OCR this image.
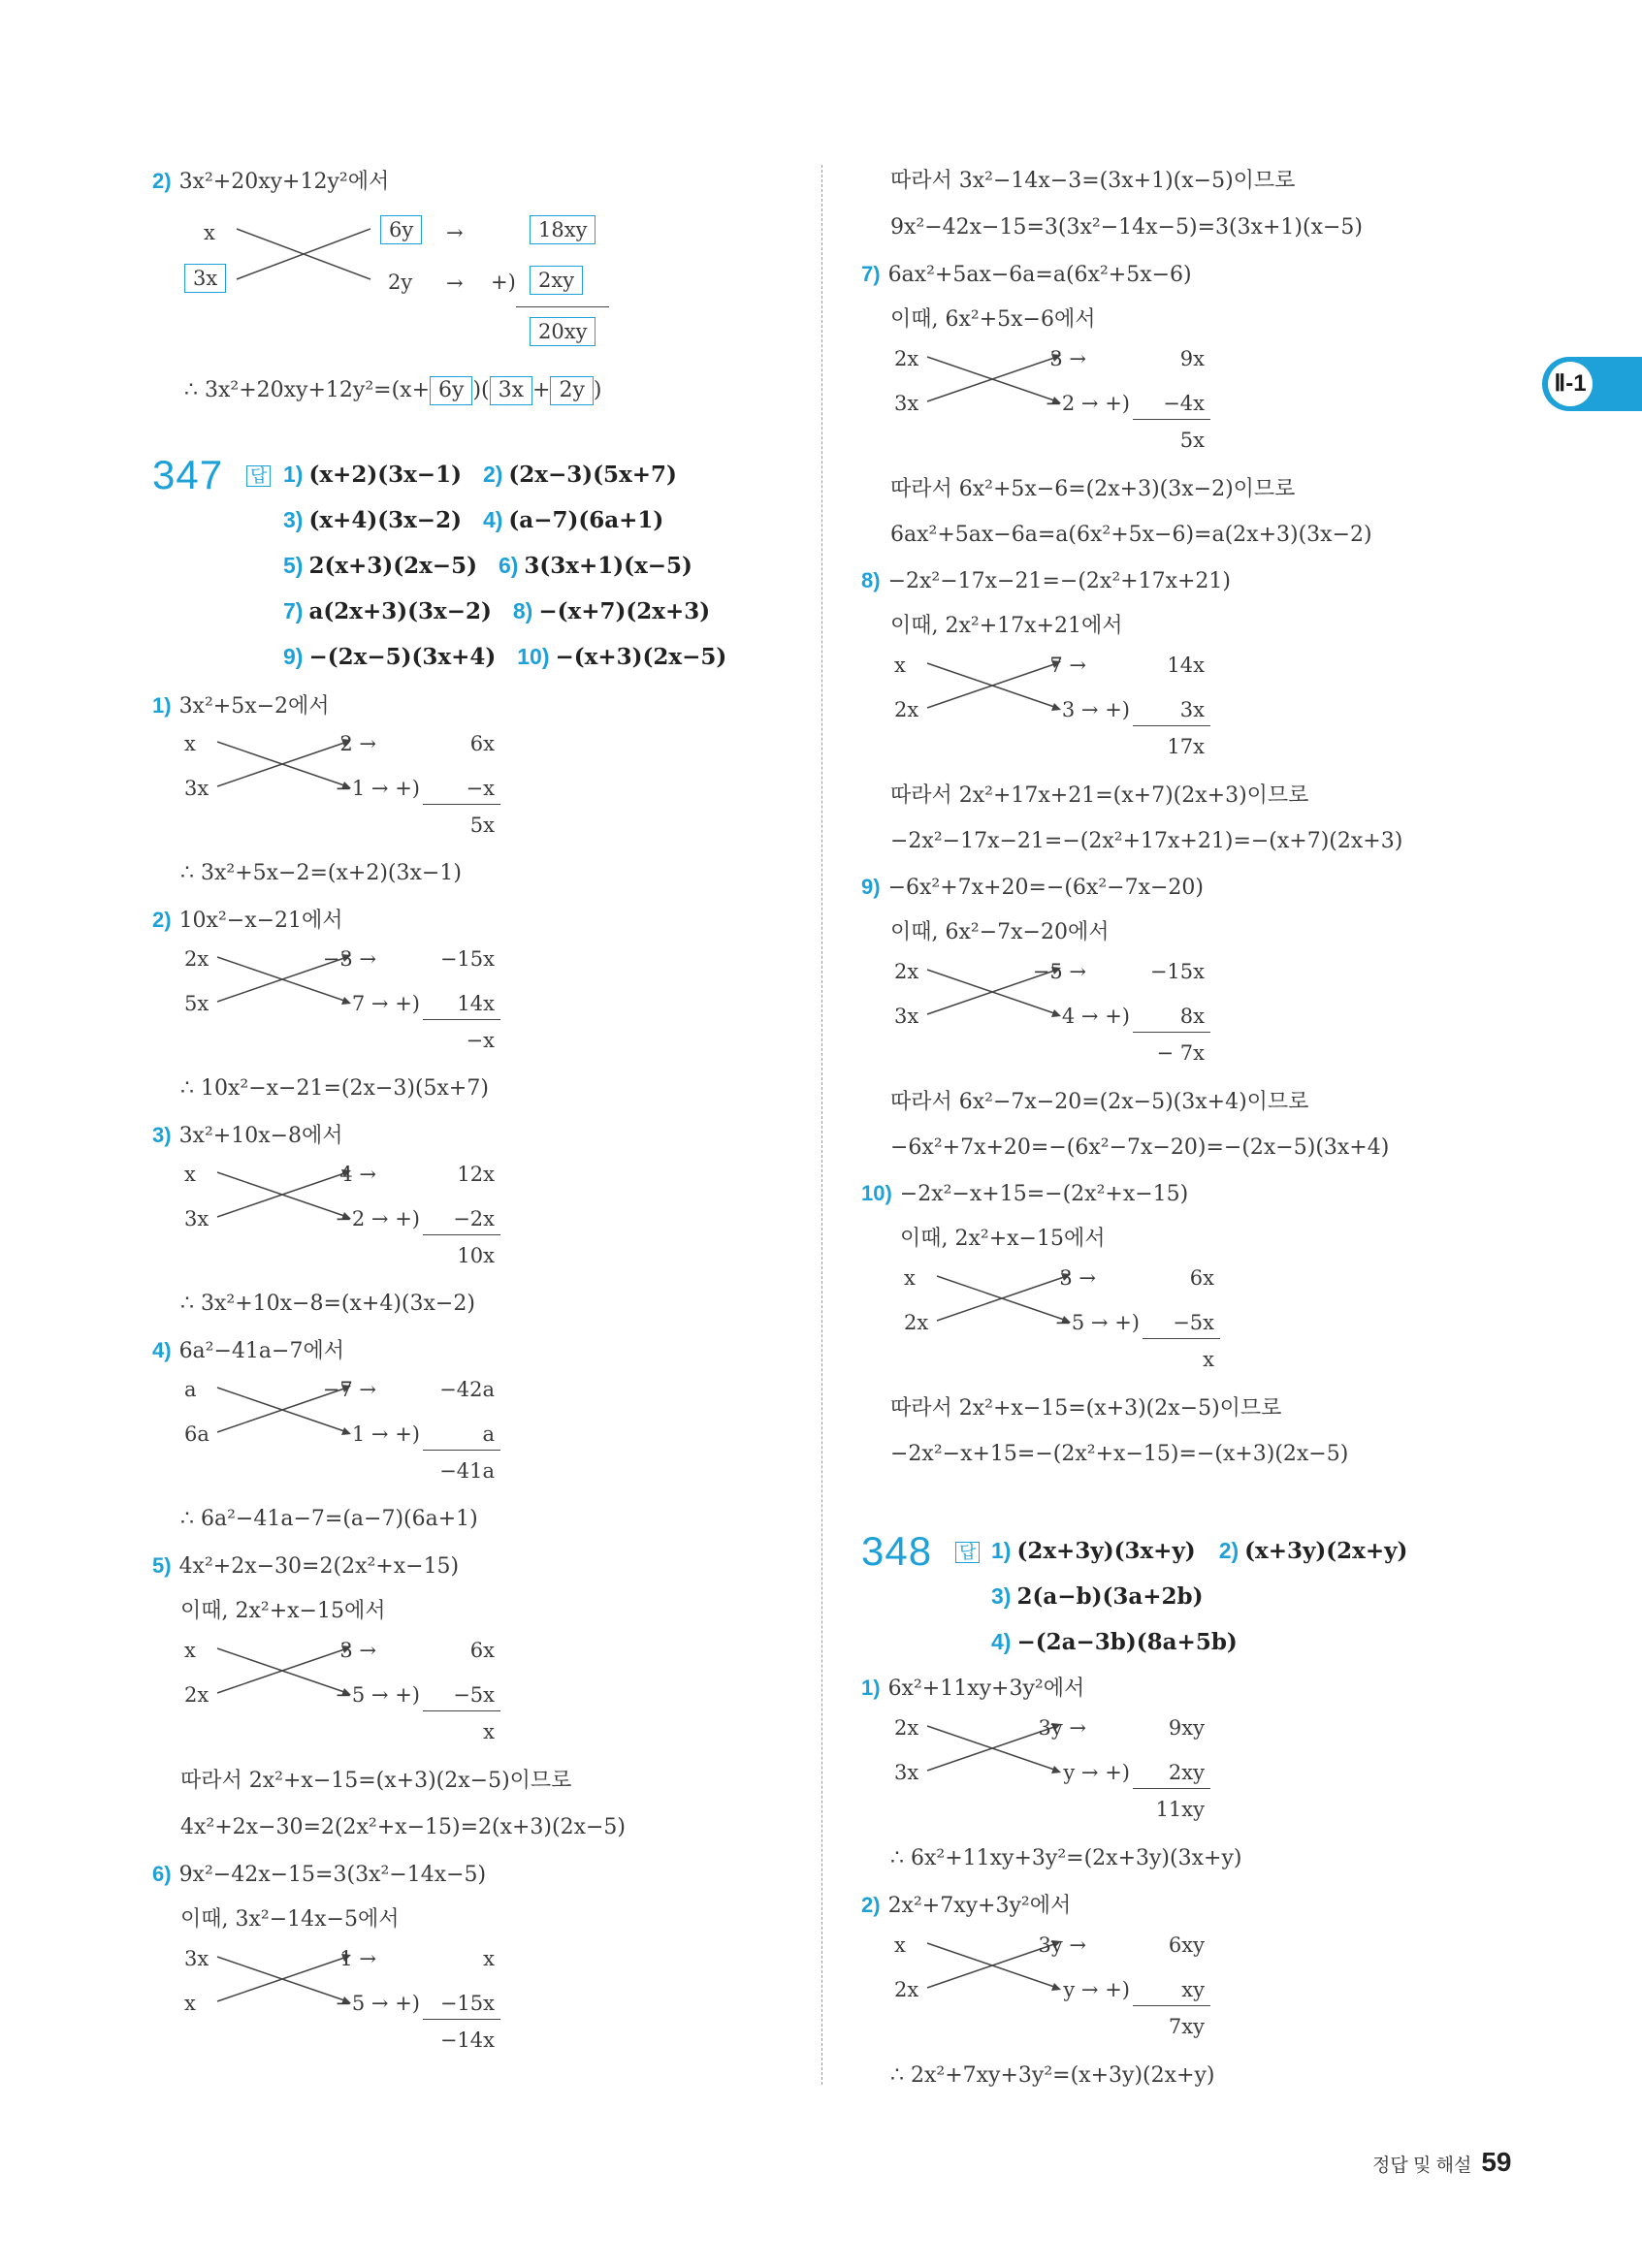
Ⅱ-1
2) 3x²+20xy+12y²에서
x
3x
6y
2y
→
→ +)
18xy
2xy
20xy
∴ 3x²+20xy+12y²=(x+ 6y )( 3x + 2y )
347 답 1) (x+2)(3x−1) 2) (2x−3)(5x+7)
3) (x+4)(3x−2) 4) (a−7)(6a+1)
5) 2(x+3)(2x−5) 6) 3(3x+1)(x−5)
7) a(2x+3)(3x−2) 8) −(x+7)(2x+3)
9) −(2x−5)(3x+4) 10) −(x+3)(2x−5)
1) 3x²+5x−2에서
x
3x
2 →
−1 → +)
6x
−x
5x
∴ 3x²+5x−2=(x+2)(3x−1)
2) 10x²−x−21에서
2x
5x
−3 →
7 → +)
−15x
14x
−x
∴ 10x²−x−21=(2x−3)(5x+7)
3) 3x²+10x−8에서
x
3x
4 →
−2 → +)
12x
−2x
10x
∴ 3x²+10x−8=(x+4)(3x−2)
4) 6a²−41a−7에서
a
6a
−7 →
1 → +)
−42a
a
−41a
∴ 6a²−41a−7=(a−7)(6a+1)
5) 4x²+2x−30=2(2x²+x−15)
이때, 2x²+x−15에서
x
2x
3 →
−5 → +)
6x
−5x
x
따라서 2x²+x−15=(x+3)(2x−5)이므로
4x²+2x−30=2(2x²+x−15)=2(x+3)(2x−5)
6) 9x²−42x−15=3(3x²−14x−5)
이때, 3x²−14x−5에서
3x
x
1 →
−5 → +)
x
−15x
−14x
따라서 3x²−14x−3=(3x+1)(x−5)이므로
9x²−42x−15=3(3x²−14x−5)=3(3x+1)(x−5)
7) 6ax²+5ax−6a=a(6x²+5x−6)
이때, 6x²+5x−6에서
2x
3x
3 →
−2 → +)
9x
−4x
5x
따라서 6x²+5x−6=(2x+3)(3x−2)이므로
6ax²+5ax−6a=a(6x²+5x−6)=a(2x+3)(3x−2)
8) −2x²−17x−21=−(2x²+17x+21)
이때, 2x²+17x+21에서
x
2x
7 →
3 → +)
14x
3x
17x
따라서 2x²+17x+21=(x+7)(2x+3)이므로
−2x²−17x−21=−(2x²+17x+21)=−(x+7)(2x+3)
9) −6x²+7x+20=−(6x²−7x−20)
이때, 6x²−7x−20에서
2x
3x
−5 →
4 → +)
−15x
8x
− 7x
따라서 6x²−7x−20=(2x−5)(3x+4)이므로
−6x²+7x+20=−(6x²−7x−20)=−(2x−5)(3x+4)
10) −2x²−x+15=−(2x²+x−15)
이때, 2x²+x−15에서
x
2x
3 →
−5 → +)
6x
−5x
x
따라서 2x²+x−15=(x+3)(2x−5)이므로
−2x²−x+15=−(2x²+x−15)=−(x+3)(2x−5)
1) 6x²+11xy+3y²에서
2x
3x
3y →
y → +)
9xy
2xy
11xy
∴ 6x²+11xy+3y²=(2x+3y)(3x+y)
2) 2x²+7xy+3y²에서
x
2x
3y →
y → +)
6xy
xy
7xy
∴ 2x²+7xy+3y²=(x+3y)(2x+y)
348 답 1) (2x+3y)(3x+y) 2) (x+3y)(2x+y)
3) 2(a−b)(3a+2b)
4) −(2a−3b)(8a+5b)
정답 및 해설 59
